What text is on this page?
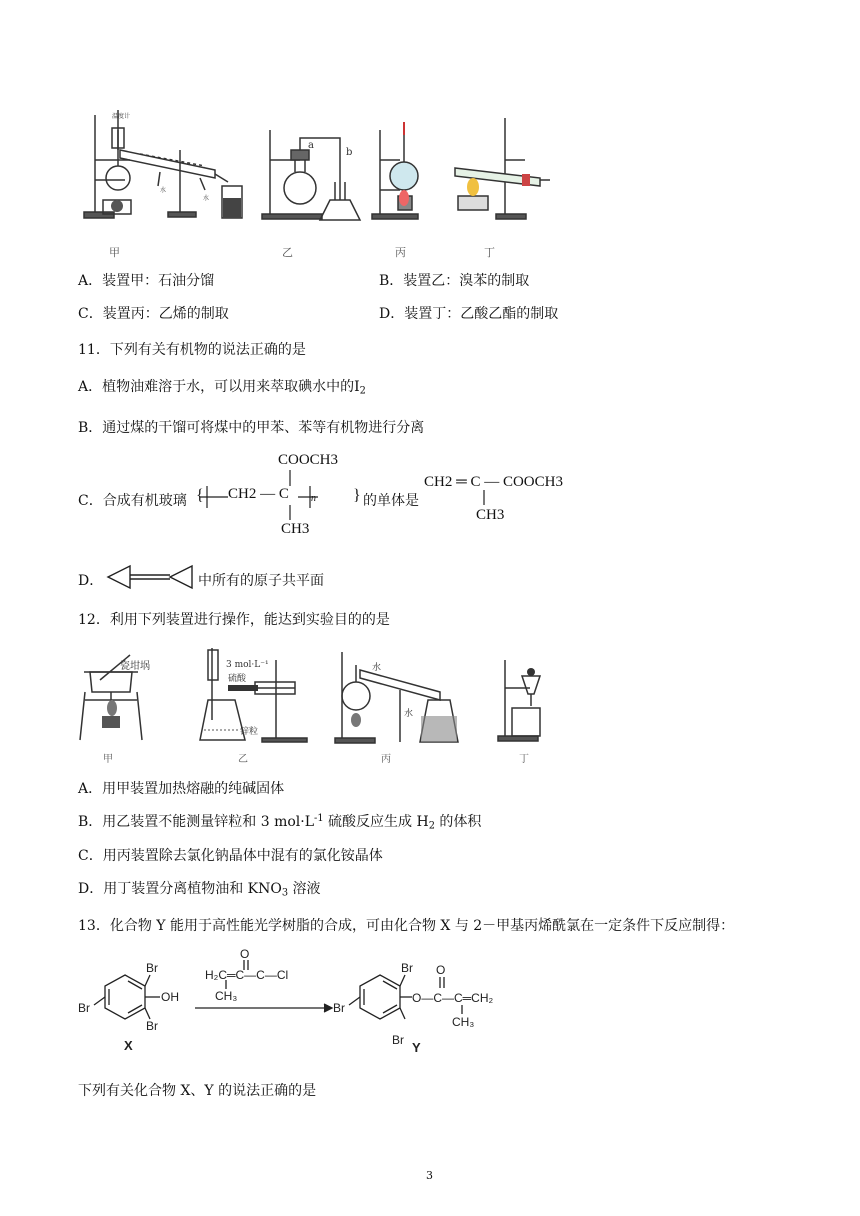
温度计
水
水
a
b
甲	乙	丙	丁
A．装置甲：石油分馏	B．装置乙：溴苯的制取
C．装置丙：乙烯的制取	D．装置丁：乙酸乙酯的制取
11．下列有关有机物的说法正确的是
A．植物油难溶于水，可以用来萃取碘水中的$I_2$
B．通过煤的干馏可将煤中的甲苯、苯等有机物进行分离
C．合成有机玻璃 {
COOCH3
CH2 — C n
CH3
} 的单体是
CH2 ═ C — COOCH3
CH3
D．	中所有的原子共平面
12．利用下列装置进行操作，能达到实验目的的是
瓷坩埚	3 mol·L⁻¹
硫酸
锌粒
水
水
甲	乙	丙	丁
A．用甲装置加热熔融的纯碱固体
B．用乙装置不能测量锌粒和 3 $mol\cdot L^{-1}$ 硫酸反应生成 $H_2$ 的体积
C．用丙装置除去氯化钠晶体中混有的氯化铵晶体
D．用丁装置分离植物油和 $KNO_3$ 溶液
13．化合物 Y 能用于高性能光学树脂的合成，可由化合物 X 与 2－甲基丙烯酰氯在一定条件下反应制得：
Br
Br
Br
OH
X
O
H₂C═C—C—Cl
CH₃
Br
Br
Br Y
O
O—C—C═CH₂
CH₃
下列有关化合物 X、Y 的说法正确的是
3
